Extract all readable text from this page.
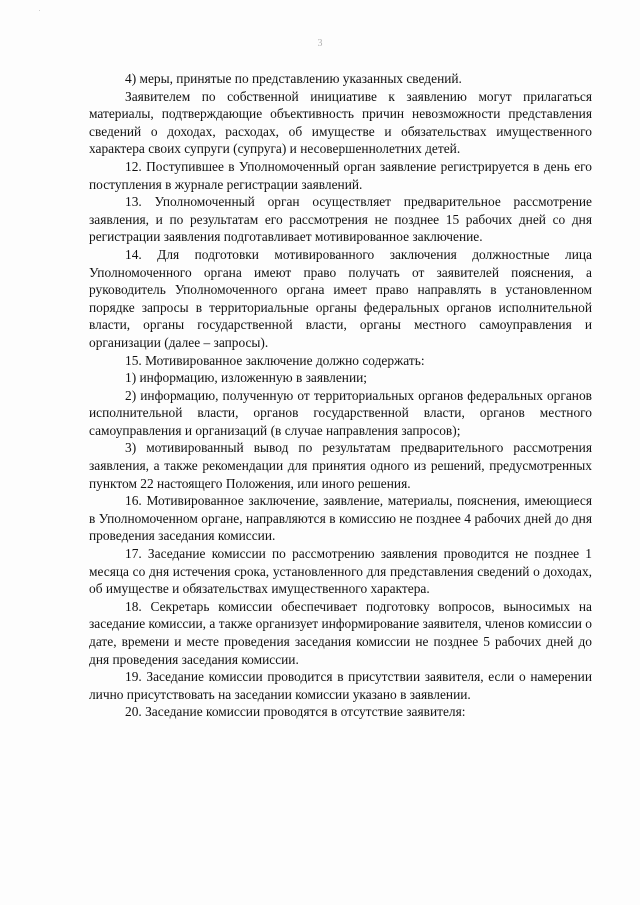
·
3

4) меры, принятые по представлению указанных сведений.

Заявителем по собственной инициативе к заявлению могут прилагаться материалы, подтверждающие объективность причин невозможности представления сведений о доходах, расходах, об имуществе и обязательствах имущественного характера своих супруги (супруга) и несовершеннолетних детей.

12. Поступившее в Уполномоченный орган заявление регистрируется в день его поступления в журнале регистрации заявлений.

13. Уполномоченный орган осуществляет предварительное рассмотрение заявления, и по результатам его рассмотрения не позднее 15 рабочих дней со дня регистрации заявления подготавливает мотивированное заключение.

14. Для подготовки мотивированного заключения должностные лица Уполномоченного органа имеют право получать от заявителей пояснения, а руководитель Уполномоченного органа имеет право направлять в установленном порядке запросы в территориальные органы федеральных органов исполнительной власти, органы государственной власти, органы местного самоуправления и организации (далее – запросы).

15. Мотивированное заключение должно содержать:

1) информацию, изложенную в заявлении;

2) информацию, полученную от территориальных органов федеральных органов исполнительной власти, органов государственной власти, органов местного самоуправления и организаций (в случае направления запросов);

3) мотивированный вывод по результатам предварительного рассмотрения заявления, а также рекомендации для принятия одного из решений, предусмотренных пунктом 22 настоящего Положения, или иного решения.

16. Мотивированное заключение, заявление, материалы, пояснения, имеющиеся в Уполномоченном органе, направляются в комиссию не позднее 4 рабочих дней до дня проведения заседания комиссии.

17. Заседание комиссии по рассмотрению заявления проводится не позднее 1 месяца со дня истечения срока, установленного для представления сведений о доходах, об имуществе и обязательствах имущественного характера.

18. Секретарь комиссии обеспечивает подготовку вопросов, выносимых на заседание комиссии, а также организует информирование заявителя, членов комиссии о дате, времени и месте проведения заседания комиссии не позднее 5 рабочих дней до дня проведения заседания комиссии.

19. Заседание комиссии проводится в присутствии заявителя, если о намерении лично присутствовать на заседании комиссии указано в заявлении.

20. Заседание комиссии проводятся в отсутствие заявителя:
